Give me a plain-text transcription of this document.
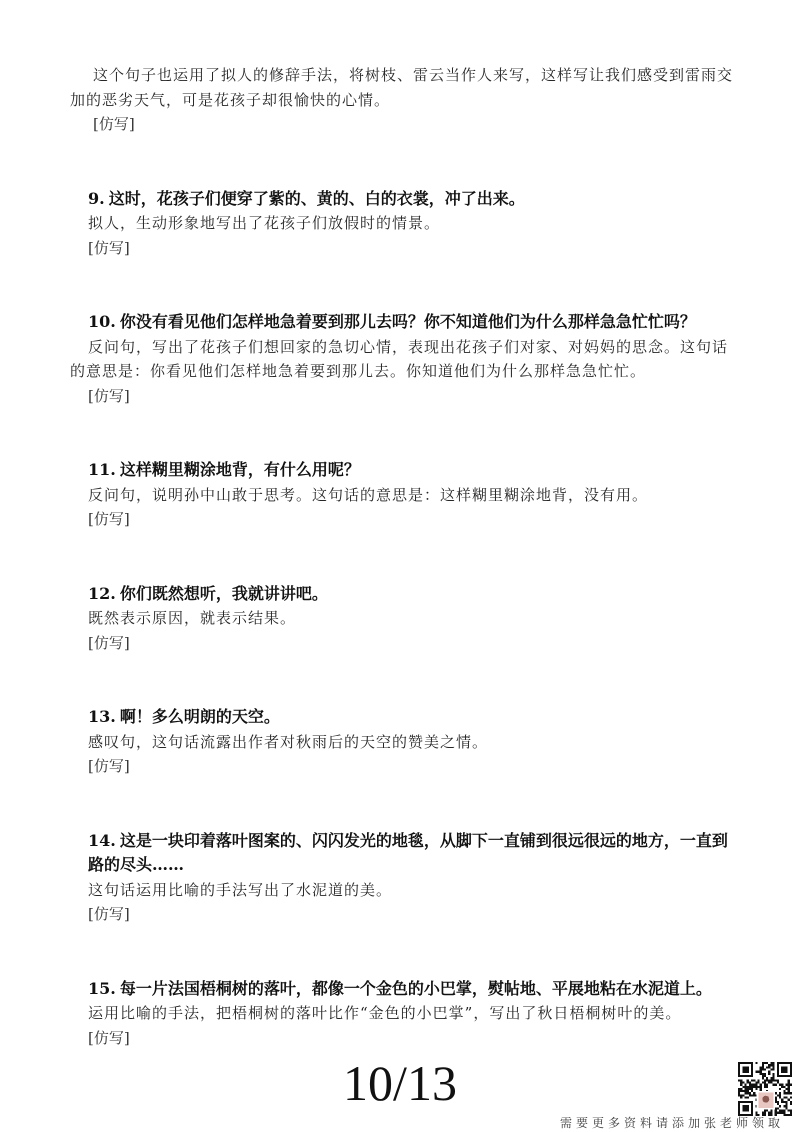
这个句子也运用了拟人的修辞手法，将树枝、雷云当作人来写，这样写让我们感受到雷雨交
加的恶劣天气，可是花孩子却很愉快的心情。
[仿写]
9. 这时，花孩子们便穿了紫的、黄的、白的衣裳，冲了出来。
拟人，生动形象地写出了花孩子们放假时的情景。
[仿写]
10. 你没有看见他们怎样地急着要到那儿去吗？你不知道他们为什么那样急急忙忙吗？
反问句，写出了花孩子们想回家的急切心情，表现出花孩子们对家、对妈妈的思念。这句话
的意思是：你看见他们怎样地急着要到那儿去。你知道他们为什么那样急急忙忙。
[仿写]
11. 这样糊里糊涂地背，有什么用呢？
反问句，说明孙中山敢于思考。这句话的意思是：这样糊里糊涂地背，没有用。
[仿写]
12. 你们既然想听，我就讲讲吧。
既然表示原因，就表示结果。
[仿写]
13. 啊！多么明朗的天空。
感叹句，这句话流露出作者对秋雨后的天空的赞美之情。
[仿写]
14. 这是一块印着落叶图案的、闪闪发光的地毯，从脚下一直铺到很远很远的地方，一直到
路的尽头……
这句话运用比喻的手法写出了水泥道的美。
[仿写]
15. 每一片法国梧桐树的落叶，都像一个金色的小巴掌，熨帖地、平展地粘在水泥道上。
运用比喻的手法，把梧桐树的落叶比作“金色的小巴掌”，写出了秋日梧桐树叶的美。
[仿写]
10/13
需要更多资料请添加张老师领取
